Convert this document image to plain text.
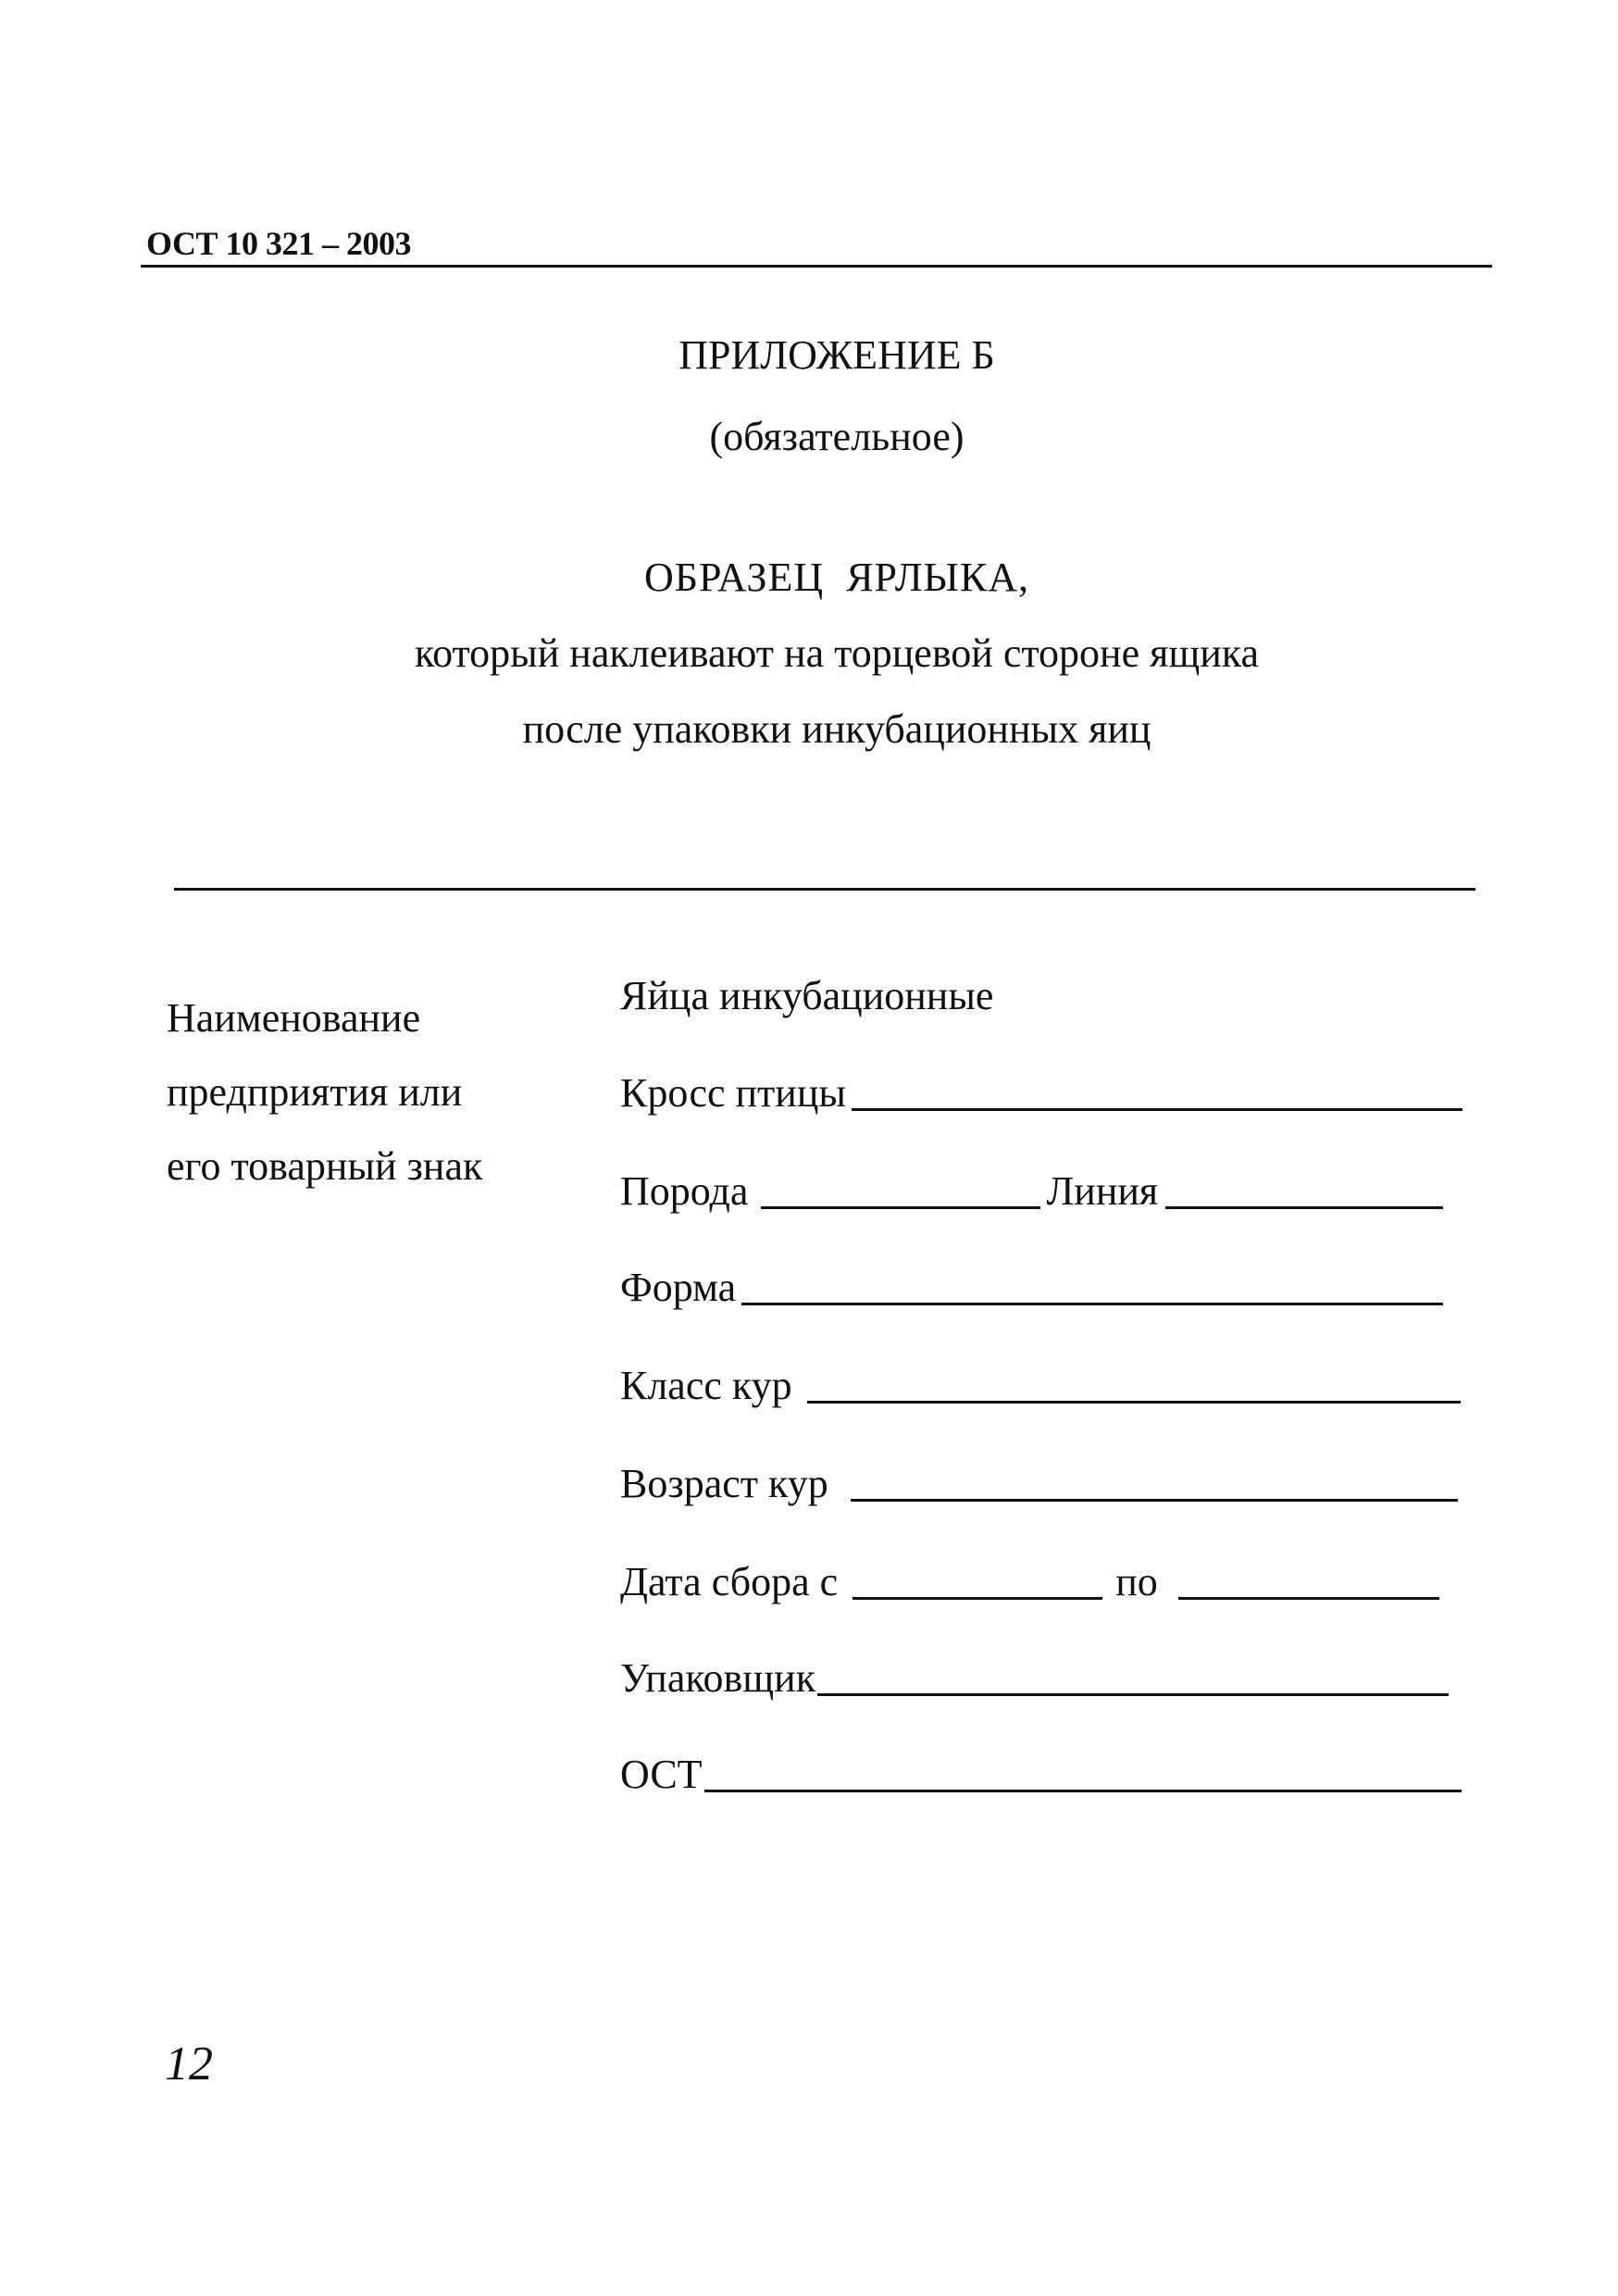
ОСТ 10 321 – 2003
ПРИЛОЖЕНИЕ Б
(обязательное)
ОБРАЗЕЦ  ЯРЛЫКА,
который наклеивают на торцевой стороне ящика
после упаковки инкубационных яиц
Наименование
предприятия или
его товарный знак
Яйца инкубационные
Кросс птицы
Порода	Линия
Форма
Класс кур
Возраст кур
Дата сбора с	по
Упаковщик
ОСТ
12
